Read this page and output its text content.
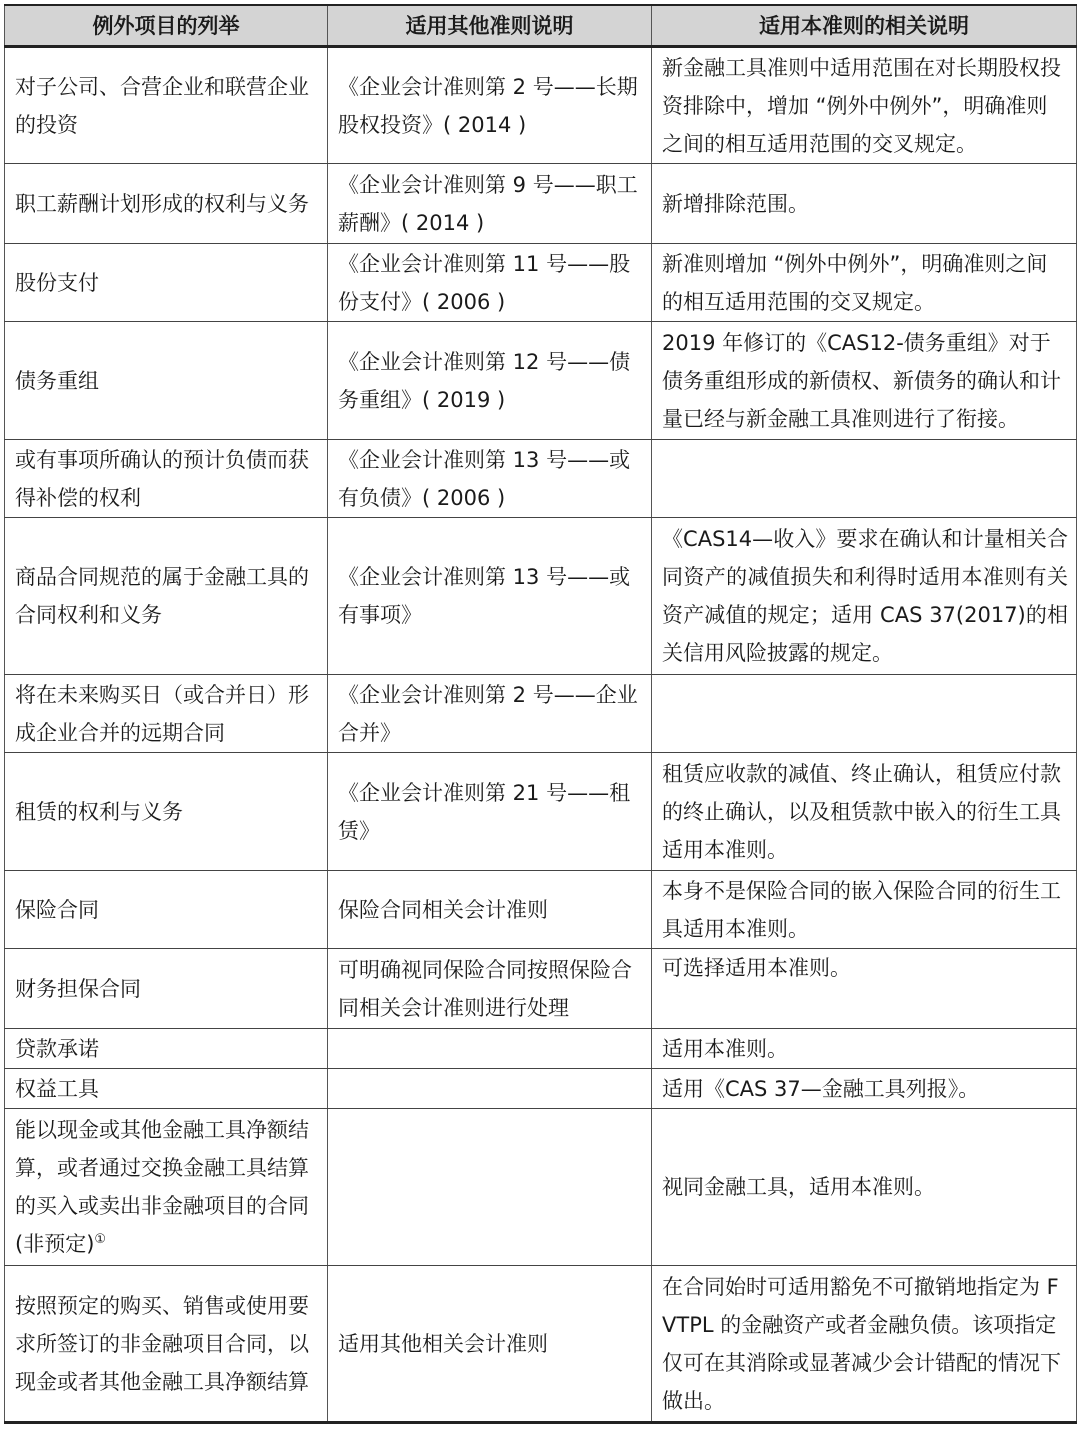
例外项目的列举	适用其他准则说明	适用本准则的相关说明
对子公司、合营企业和联营企业的投资	《企业会计准则第 2 号——长期股权投资》( 2014 )	新金融工具准则中适用范围在对长期股权投资排除中，增加 “例外中例外”，明确准则之间的相互适用范围的交叉规定。
职工薪酬计划形成的权利与义务	《企业会计准则第 9 号——职工薪酬》( 2014 )	新增排除范围。
股份支付	《企业会计准则第 11 号——股份支付》( 2006 )	新准则增加 “例外中例外”，明确准则之间的相互适用范围的交叉规定。
债务重组	《企业会计准则第 12 号——债务重组》( 2019 )	2019 年修订的《CAS12-债务重组》对于债务重组形成的新债权、新债务的确认和计量已经与新金融工具准则进行了衔接。
或有事项所确认的预计负债而获得补偿的权利	《企业会计准则第 13 号——或有负债》( 2006 )	
商品合同规范的属于金融工具的合同权利和义务	《企业会计准则第 13 号——或有事项》	《CAS14—收入》要求在确认和计量相关合同资产的减值损失和利得时适用本准则有关资产减值的规定；适用 CAS 37(2017)的相关信用风险披露的规定。
将在未来购买日（或合并日）形成企业合并的远期合同	《企业会计准则第 2 号——企业合并》	
租赁的权利与义务	《企业会计准则第 21 号——租赁》	租赁应收款的减值、终止确认，租赁应付款的终止确认，以及租赁款中嵌入的衍生工具适用本准则。
保险合同	保险合同相关会计准则	本身不是保险合同的嵌入保险合同的衍生工具适用本准则。
财务担保合同	可明确视同保险合同按照保险合同相关会计准则进行处理	可选择适用本准则。
贷款承诺		适用本准则。
权益工具		适用《CAS 37—金融工具列报》。
能以现金或其他金融工具净额结算，或者通过交换金融工具结算的买入或卖出非金融项目的合同(非预定)①		视同金融工具，适用本准则。
按照预定的购买、销售或使用要求所签订的非金融项目合同，以现金或者其他金融工具净额结算	适用其他相关会计准则	在合同始时可适用豁免不可撤销地指定为 FVTPL 的金融资产或者金融负债。该项指定仅可在其消除或显著减少会计错配的情况下做出。
